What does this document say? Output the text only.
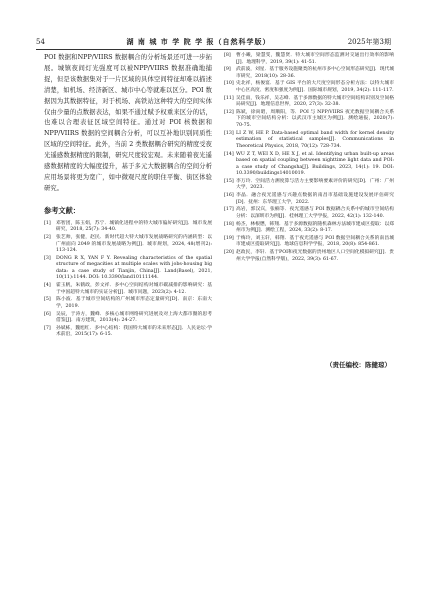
54	湖 南 城 市 学 院 学 报（自然科学版）	2025年第3期

POI 数据和NPP/VIIRS 数据耦合的分析场景还可进一步拓展。城镇夜间灯光强度可以被NPP/VIIRS 数据准确地捕捉，但是该数据集对于一片区域的具体空间特征却难以描述清楚，如机场、经济新区、城市中心等就难以区分。POI 数据因为其数据特征，对于机场、高铁站这种特大的空间实体仅由少量的点数据表达，如果不通过赋予权重来区分的话，也难以合理表征区域空间特征。通过对 POI 核数据和 NPP/VIIRS 数据的空间耦合分析，可以互补地识别同质性区域的空间特征。此外，当前 2 类数据耦合研究的精度受夜光遥感数据精度的限制，研究尺度较宏观。未来随着夜光遥感数据精度的大幅度提升，基于多元大数据耦合的空间分析应用场景将更为宽广，如中微观尺度的职住平衡、街区体验研究。

参考文献：
[1]	邓智团，陈玉娟，苏宁．城镇化进程中的特大城市偏好研究[J]．城市发展研究，2018, 25(7): 34-40.
[2]	张艺帅，张健，赵民．新时代超大特大城市发展战略研究的内涵转型：以广州面向 2049 的城市发展战略为例[J]．城市规划，2024, 48(增刊2): 113-124.
[3]	DONG R X, YAN F Y. Revealing characteristics of the spatial structure of megacities at multiple scales with jobs-housing big data: a case study of Tianjin, China[J]. Land(Basel), 2021, 10(11):1144. DOI: 10.3390/land10111144.
[4]	霍玉帆，朱鹤政，彭文祥．多中心空间结构对城市碳减排的影响研究：基于中国超特大城市的实证分析[J]．城市问题，2023(2): 4-12.
[5]	陈小波．基于城市空间结构的广州城市形态定量研究[D]．南京：东南大学，2019.
[6]	吴辰，于涛方，魏峰．多核心城市网络研究进展及对上海大都市圈的思考借鉴[J]．南方建筑，2013(4): 24-27.
[7]	孙斌栋，魏旭红．多中心结构：我国特大城市的未来形态[J]．人民论坛·学术前沿，2015(17): 6-15.
[8]	曹小曦，梁慧雯，魏慧贤．特大城市空间形态监测对交通出行效率的影响[J]．地理科学，2019, 39(1): 41-51.
[9]	武前波，刘星．基于服务设施聚类的杭州市多中心空间形态研究[J]．现代城市研究，2018(10): 28-36.
[10] 史北祥，杨俊宴．基于 GIS 平台的大尺度空间形态分析方法：以特大城市中心区高度、密度和强度为例[J]．国际城市规划，2019, 34(2): 111-117.
[11] 吴佳雨，钱乐祥，吴志峰．基于多源数据的特大城市空间结构识别及空间格局研究[J]．地理信息世界，2020, 27(3): 32-38.
[12] 陈斌，徐尚昭，周顺阳，等．POI 与 NPP/VIIRS 夜光数据空间耦合关系下的城市空间结构分析：以武汉市主城区为例[J]．测绘通报，2020(7): 70-75.
[13] LI Z W, HE P. Data-based optimal band width for kernel density estimation of statistical samples[J]. Communications in Theoretical Physics, 2018, 70(12): 728-734.
[14] WU Z T, WEI X D, HE X J, et al. Identifying urban built-up areas based on spatial coupling between nighttime light data and POI: a case study of Changsha[J]. Buildings, 2023, 14(1): 19. DOI: 10.3390/buildings14010019.
[15] 李万玲．空间活力测度算与活力主要影响要素评价的研究[D]．广州：广州大学，2023.
[16] 李晶．融合夜光遥感与兴趣点数据的南昌市基础设施建设发展评估研究[D]．抚州：东华理工大学，2022.
[17] 高岩，郭汉宾，张楠等．夜光遥感与 POI 数据耦合关系中的城市空间结构分析：以深圳市为例[J]．桂林理工大学学报，2022, 42(1): 132-140.
[18] 杨杰，林根懋，韩翔．基于多源数据的随机森林方法城市建成区提取：以郑州市为例[J]．测绘工程，2024, 33(2): 8-17.
[19] 于梅玲，刘玉轩，韩翔．基于夜光遥感与 POI 数据空间耦合关系的南昌城市建成区提取研究[J]．地球信息科学学报，2018, 20(8): 854-861.
[20] 赵政民，李轩．基于POI和夜光数据的贵州地区人口空间化模拟研究[J]．贵州大学学报(自然科学版)，2022, 39(3): 61-67.
（责任编校：陈健琼）
